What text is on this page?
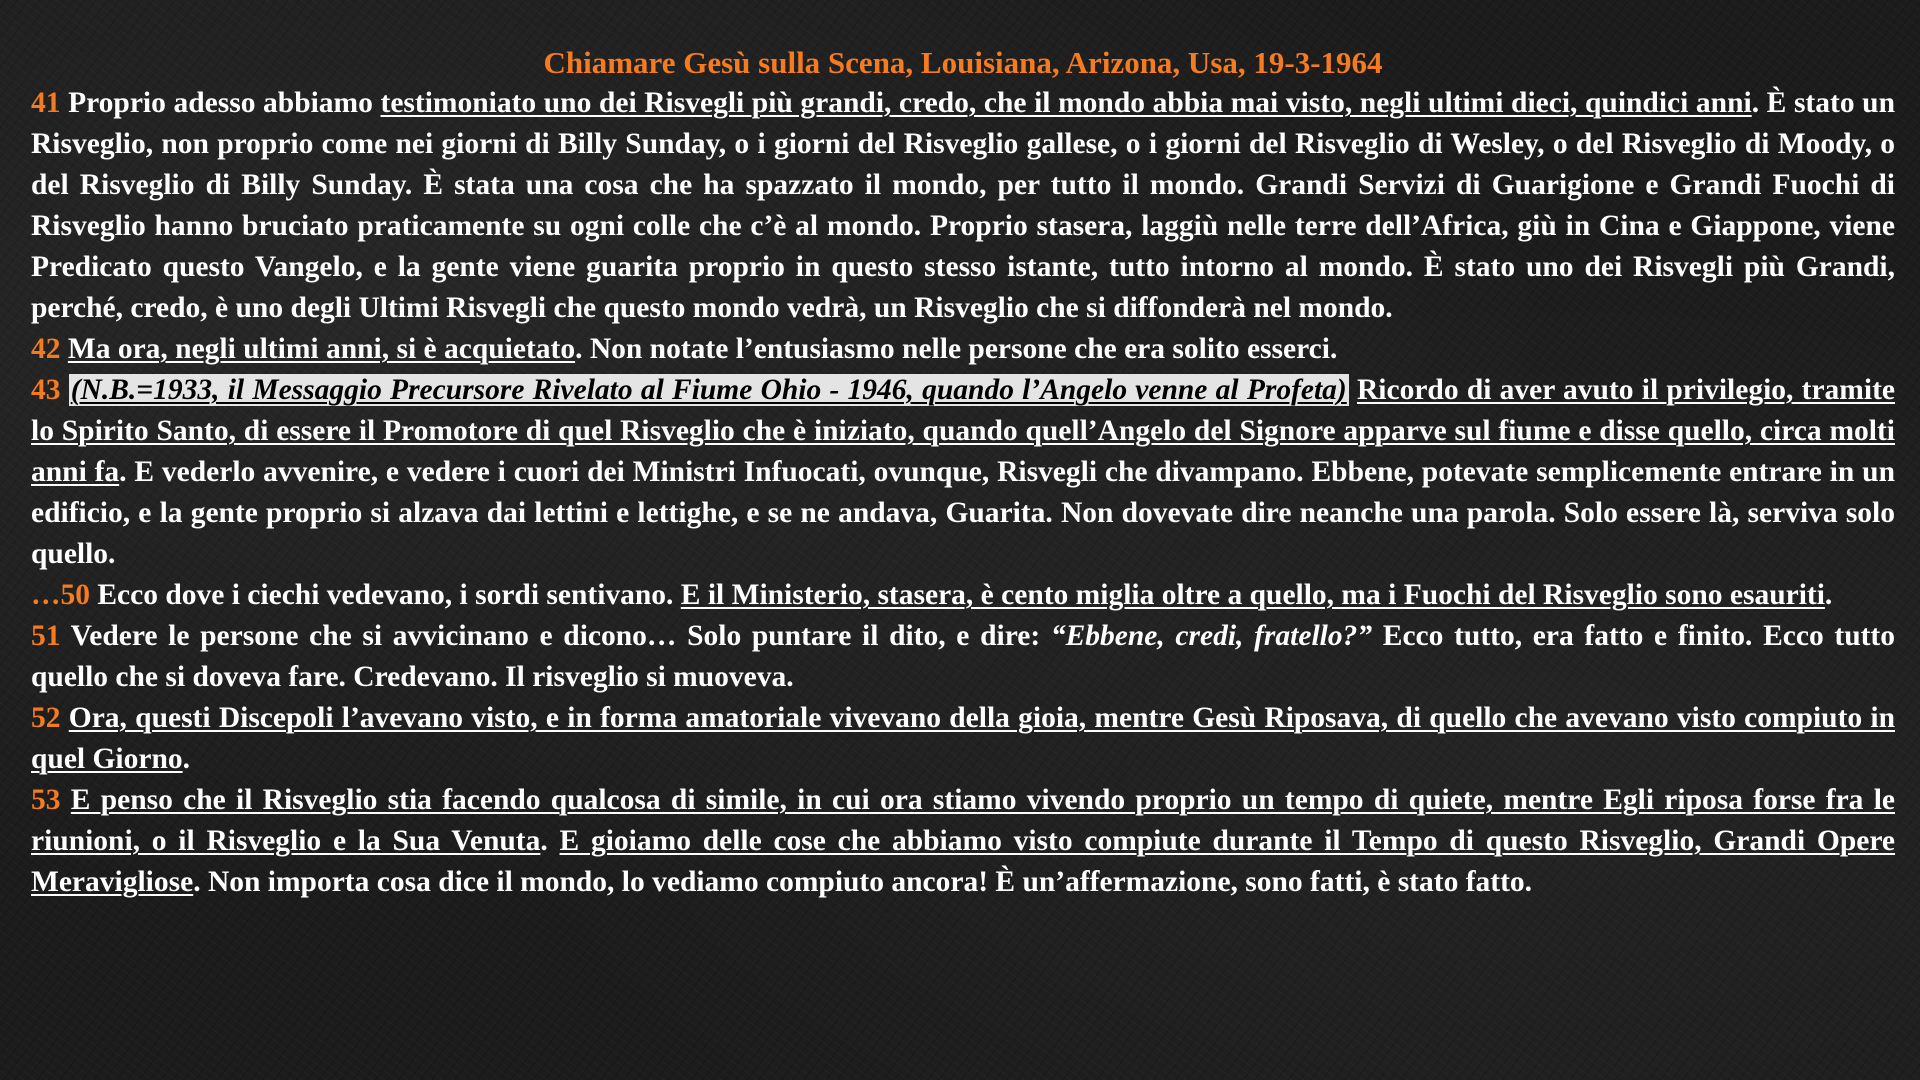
Chiamare Gesù sulla Scena, Louisiana, Arizona, Usa, 19-3-1964

41 Proprio adesso abbiamo testimoniato uno dei Risvegli più grandi, credo, che il mondo abbia mai visto, negli ultimi dieci, quindici anni. È stato un Risveglio, non proprio come nei giorni di Billy Sunday, o i giorni del Risveglio gallese, o i giorni del Risveglio di Wesley, o del Risveglio di Moody, o del Risveglio di Billy Sunday. È stata una cosa che ha spazzato il mondo, per tutto il mondo. Grandi Servizi di Guarigione e Grandi Fuochi di Risveglio hanno bruciato praticamente su ogni colle che c’è al mondo. Proprio stasera, laggiù nelle terre dell’Africa, giù in Cina e Giappone, viene Predicato questo Vangelo, e la gente viene guarita proprio in questo stesso istante, tutto intorno al mondo. È stato uno dei Risvegli più Grandi, perché, credo, è uno degli Ultimi Risvegli che questo mondo vedrà, un Risveglio che si diffonderà nel mondo.

42 Ma ora, negli ultimi anni, si è acquietato. Non notate l’entusiasmo nelle persone che era solito esserci.

43 (N.B.=1933, il Messaggio Precursore Rivelato al Fiume Ohio - 1946, quando l’Angelo venne al Profeta) Ricordo di aver avuto il privilegio, tramite lo Spirito Santo, di essere il Promotore di quel Risveglio che è iniziato, quando quell’Angelo del Signore apparve sul fiume e disse quello, circa molti anni fa. E vederlo avvenire, e vedere i cuori dei Ministri Infuocati, ovunque, Risvegli che divampano. Ebbene, potevate semplicemente entrare in un edificio, e la gente proprio si alzava dai lettini e lettighe, e se ne andava, Guarita. Non dovevate dire neanche una parola. Solo essere là, serviva solo quello.

…50 Ecco dove i ciechi vedevano, i sordi sentivano. E il Ministerio, stasera, è cento miglia oltre a quello, ma i Fuochi del Risveglio sono esauriti.

51 Vedere le persone che si avvicinano e dicono… Solo puntare il dito, e dire: “Ebbene, credi, fratello?” Ecco tutto, era fatto e finito. Ecco tutto quello che si doveva fare. Credevano. Il risveglio si muoveva.

52 Ora, questi Discepoli l’avevano visto, e in forma amatoriale vivevano della gioia, mentre Gesù Riposava, di quello che avevano visto compiuto in quel Giorno.

53 E penso che il Risveglio stia facendo qualcosa di simile, in cui ora stiamo vivendo proprio un tempo di quiete, mentre Egli riposa forse fra le riunioni, o il Risveglio e la Sua Venuta. E gioiamo delle cose che abbiamo visto compiute durante il Tempo di questo Risveglio, Grandi Opere Meravigliose. Non importa cosa dice il mondo, lo vediamo compiuto ancora! È un’affermazione, sono fatti, è stato fatto.
